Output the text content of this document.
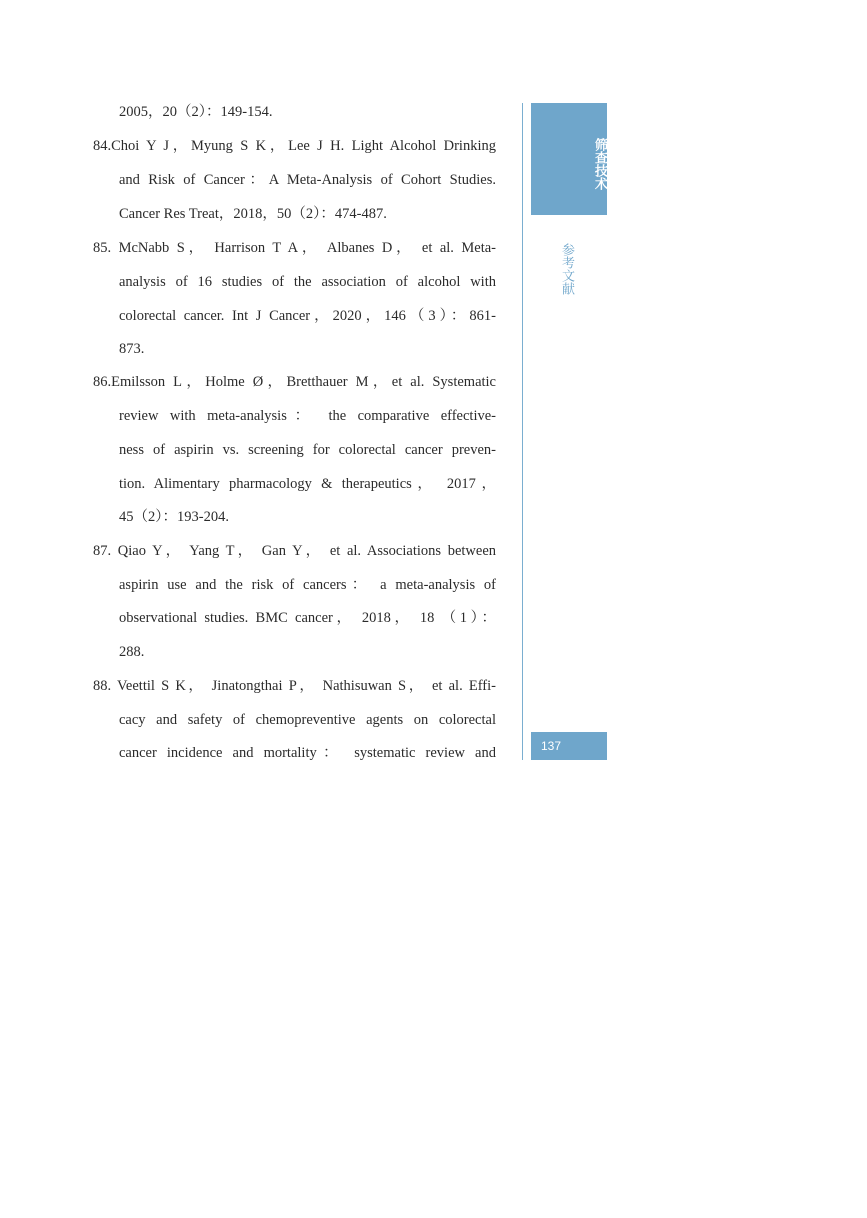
2005，20（2）：149-154.
84.Choi Y J，Myung S K，Lee J H. Light Alcohol Drinking
and Risk of Cancer：A Meta-Analysis of Cohort Studies.
Cancer Res Treat，2018，50（2）：474-487.
85. McNabb S， Harrison T A， Albanes D， et al. Meta-
analysis of 16 studies of the association of alcohol with
colorectal cancer. Int J Cancer，2020，146（3）：861-
873.
86.Emilsson L，Holme Ø，Bretthauer M，et al. Systematic
review with meta-analysis： the comparative effective-
ness of aspirin vs. screening for colorectal cancer preven-
tion. Alimentary pharmacology & therapeutics， 2017，
45（2）：193-204.
87. Qiao Y， Yang T， Gan Y， et al. Associations between
aspirin use and the risk of cancers： a meta-analysis of
observational studies. BMC cancer， 2018， 18 （1）：
288.
88. Veettil S K， Jinatongthai P， Nathisuwan S， et al. Effi-
cacy and safety of chemopreventive agents on colorectal
cancer incidence and mortality： systematic review and
筛查技术
参考文献
137
